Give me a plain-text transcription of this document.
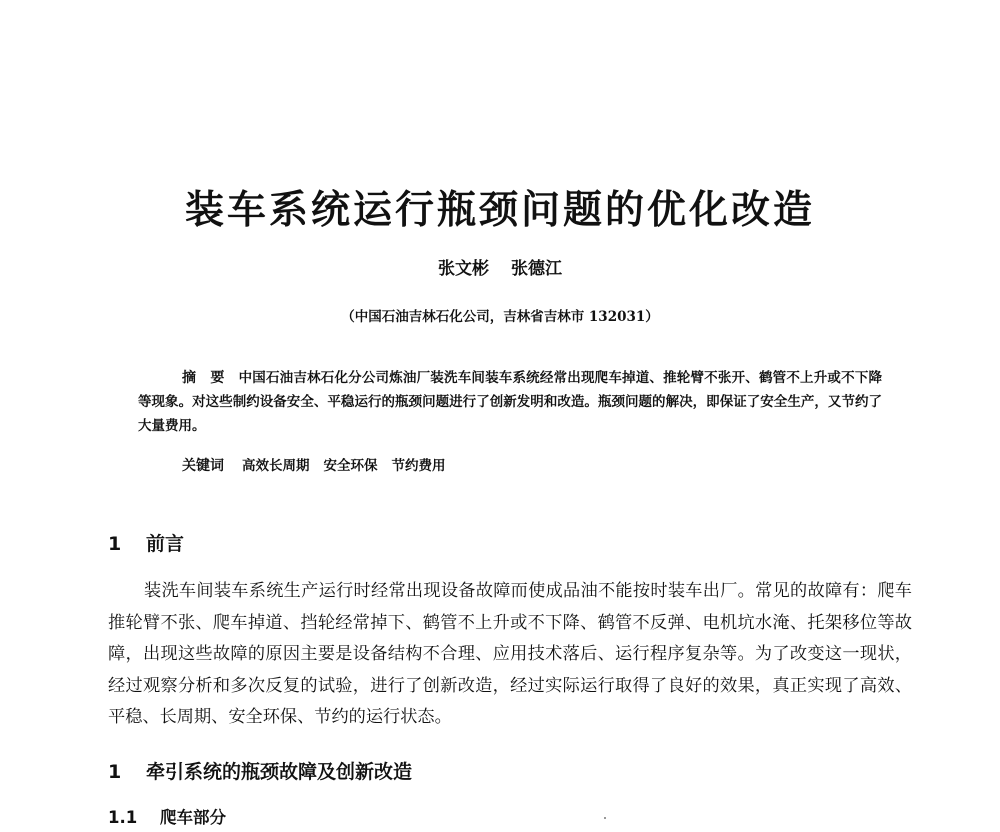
装车系统运行瓶颈问题的优化改造
张文彬 张德江
（中国石油吉林石化公司，吉林省吉林市 132031）

摘　要 中国石油吉林石化分公司炼油厂装洗车间装车系统经常出现爬车掉道、推轮臂不张开、鹤管不上升或不下降等现象。对这些制约设备安全、平稳运行的瓶颈问题进行了创新发明和改造。瓶颈问题的解决，即保证了安全生产，又节约了大量费用。

关键词 高效长周期 安全环保 节约费用
1 前言

装洗车间装车系统生产运行时经常出现设备故障而使成品油不能按时装车出厂。常见的故障有：爬车推轮臂不张、爬车掉道、挡轮经常掉下、鹤管不上升或不下降、鹤管不反弹、电机坑水淹、托架移位等故障，出现这些故障的原因主要是设备结构不合理、应用技术落后、运行程序复杂等。为了改变这一现状，经过观察分析和多次反复的试验，进行了创新改造，经过实际运行取得了良好的效果，真正实现了高效、平稳、长周期、安全环保、节约的运行状态。

1 牵引系统的瓶颈故障及创新改造
1.1 爬车部分
